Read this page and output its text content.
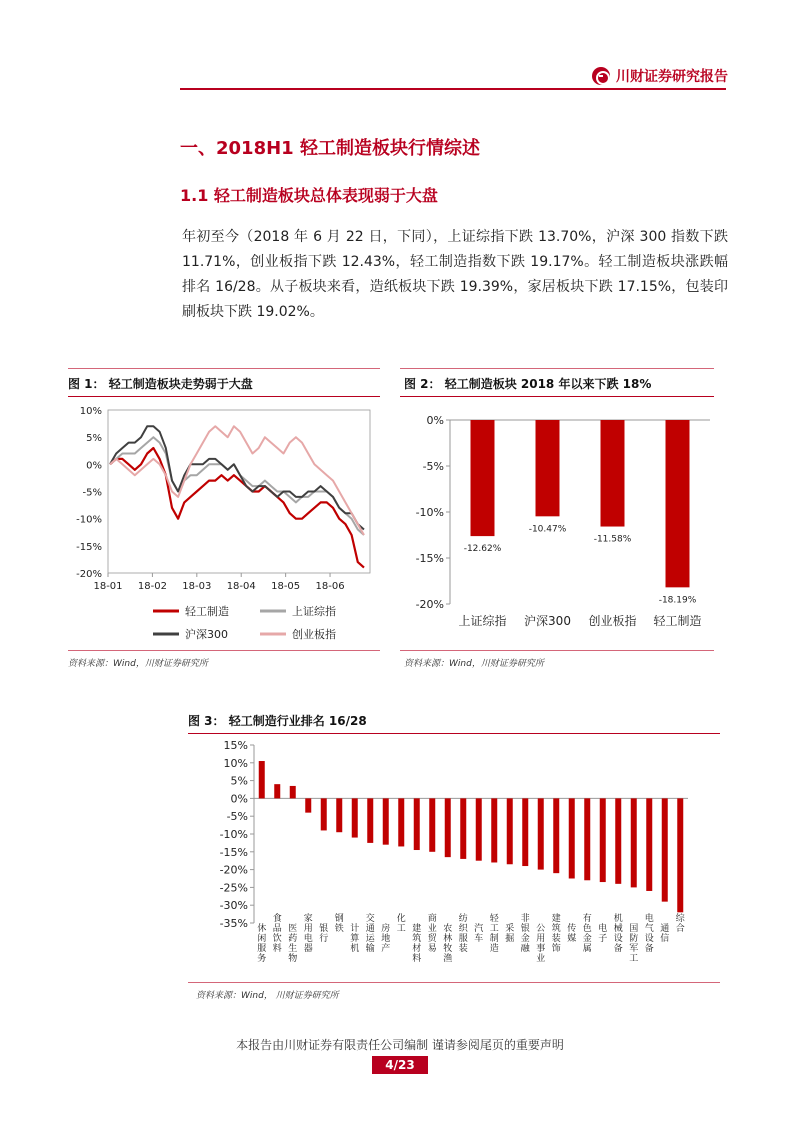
川财证券研究报告
一、2018H1 轻工制造板块行情综述
1.1 轻工制造板块总体表现弱于大盘
年初至今（2018 年 6 月 22 日，下同），上证综指下跌 13.70%，沪深 300 指数下跌 11.71%，创业板指下跌 12.43%，轻工制造指数下跌 19.17%。轻工制造板块涨跌幅排名 16/28。从子板块来看，造纸板块下跌 19.39%，家居板块下跌 17.15%，包装印刷板块下跌 19.02%。
图 1： 轻工制造板块走势弱于大盘
10%
5%
0%
-5%
-10%
-15%
-20%
18-01 18-02 18-03 18-04 18-05 18-06
轻工制造	上证综指
沪深300	创业板指
资料来源：Wind，川财证券研究所
图 2： 轻工制造板块 2018 年以来下跌 18%
0%
-5%
-10%
-15%
-20%
-12.62%
上证综指
-10.47%
沪深300
-11.58%
创业板指
-18.19%
轻工制造
资料来源：Wind，川财证券研究所
图 3： 轻工制造行业排名 16/28
15%
10%
5%
0%
-5%
-10%
-15%
-20%
-25%
-30%
-35% 休闲服务
食品饮料
医药生物
家用电器
银行
钢铁 计算机
交通运输
房地产
化工 建筑材料
商业贸易
农林牧渔
纺织服装
汽车
轻工制造
采掘
非银金融
公用事业
建筑装饰
传媒
有色金属
电子
机械设备
国防军工
电气设备
通信
综合
资料来源：Wind， 川财证券研究所
本报告由川财证券有限责任公司编制 谨请参阅尾页的重要声明
4/23
